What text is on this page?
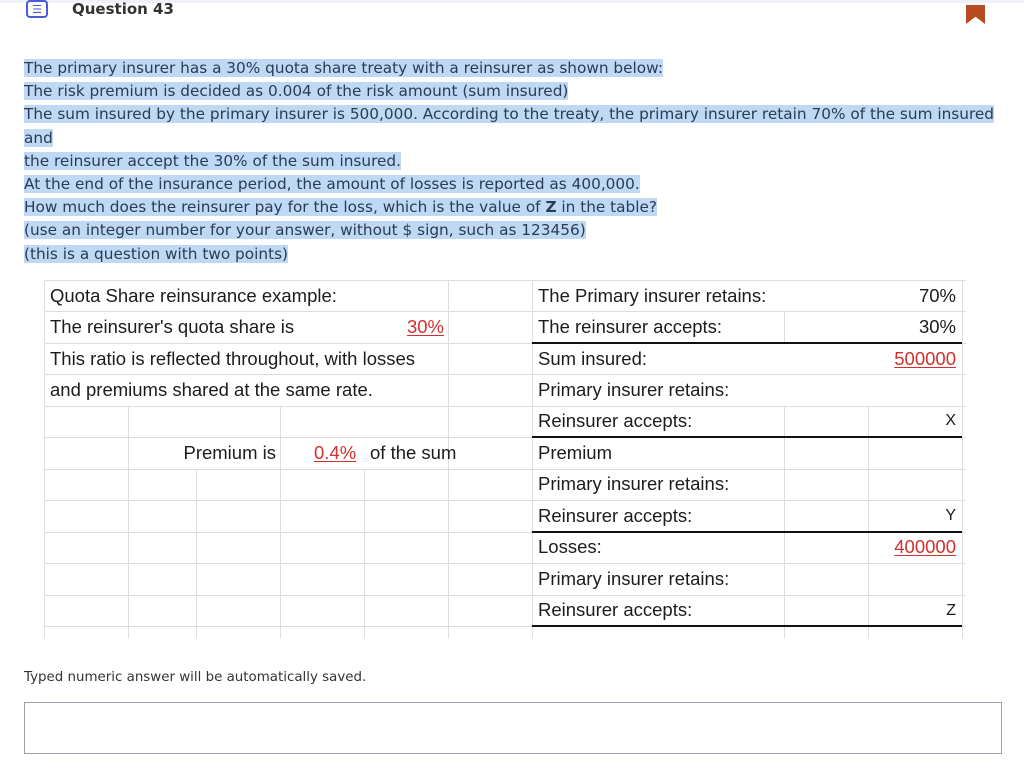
☰	Question 43
The primary insurer has a 30% quota share treaty with a reinsurer as shown below:
The risk premium is decided as 0.004 of the risk amount (sum insured)
The sum insured by the primary insurer is 500,000. According to the treaty, the primary insurer retain 70% of the sum insured and
the reinsurer accept the 30% of the sum insured.
At the end of the insurance period, the amount of losses is reported as 400,000.
How much does the reinsurer pay for the loss, which is the value of Z in the table?
(use an integer number for your answer, without $ sign, such as 123456)
(this is a question with two points)
Quota Share reinsurance example:
The reinsurer's quota share is	30%
This ratio is reflected throughout, with losses
and premiums shared at the same rate.
Premium is 0.4% of the sum
The Primary insurer retains:	70%
The reinsurer accepts:	30%
Sum insured:	500000
Primary insurer retains:
Reinsurer accepts:	X
Premium
Primary insurer retains:
Reinsurer accepts:	Y
Losses:	400000
Primary insurer retains:
Reinsurer accepts:	Z
Typed numeric answer will be automatically saved.
